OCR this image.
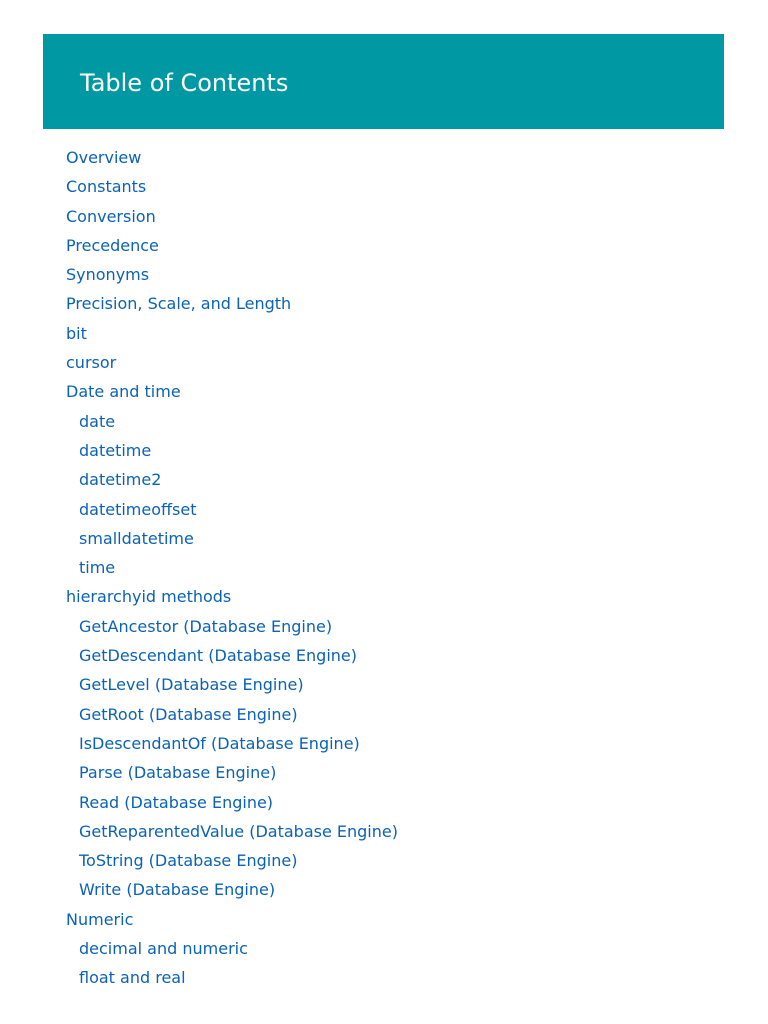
Table of Contents
Overview
Constants
Conversion
Precedence
Synonyms
Precision, Scale, and Length
bit
cursor
Date and time
date
datetime
datetime2
datetimeoffset
smalldatetime
time
hierarchyid methods
GetAncestor (Database Engine)
GetDescendant (Database Engine)
GetLevel (Database Engine)
GetRoot (Database Engine)
IsDescendantOf (Database Engine)
Parse (Database Engine)
Read (Database Engine)
GetReparentedValue (Database Engine)
ToString (Database Engine)
Write (Database Engine)
Numeric
decimal and numeric
float and real
